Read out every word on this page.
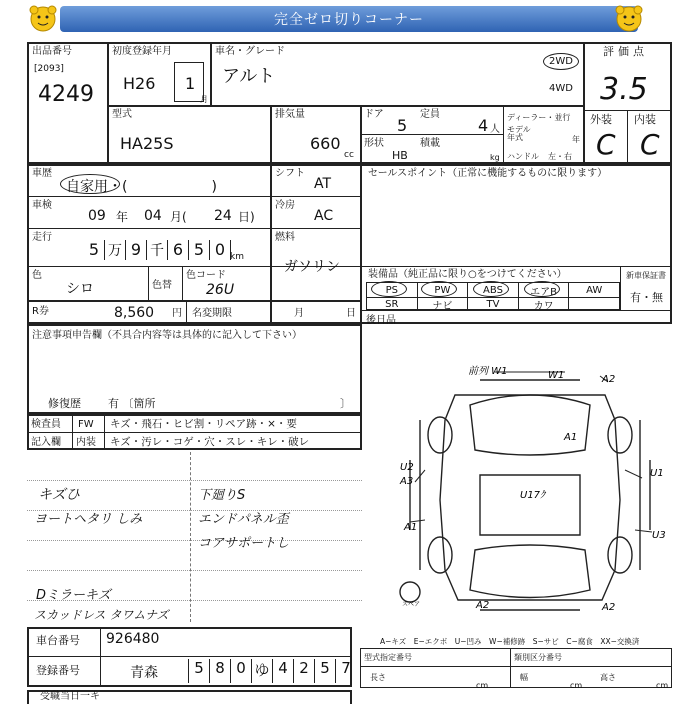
完全ゼロ切りコーナー
出品番号
[2093]
4249
初度登録年月
H26 1
月
車名・グレード
アルト
2WD
4WD
評価点
3.5
外装 内装
C C
型式
HA25S
排気量
660
cc
ドア
5
定員
4 人
形状
HB
積載
kg
ディーラー・並行
モデル年式	年
ハンドル 左・右
車歴
自家用・(　　　　　　)
シフト
AT
セールスポイント（正常に機能するものに限ります）
車検
09 年 04 月( 24 日)
冷房
AC
走行
5 万 9 千 6 5 0 km
燃料
ガソリン
色
シロ	色替
色コード
26U
装備品（純正品に限り○をつけてください）
PS	PW	ABS	エアB	AW
SR	ナビ	TV	カワ
新車保証書
有・無
R券	8,560 円 名変期限	月	日
後日品
注意事項申告欄（不具合内容等は具体的に記入して下さい）
修復歴 有 〔箇所	〕
検査員
記入欄
FW キズ・飛石・ヒビ割・リペア跡・×・要
内装 キズ・汚レ・コゲ・穴・スレ・キレ・破レ
キズひ
ヨートヘタリ しみ
Dミラーキズ
スカッドレス タワムナズ
下廻りS
エンドパネル歪
コアサポートし
前列 W1	W1	A2
A1
U2
A3
U1
U17ｸ
A1
U3
A2	A2
スペア
車台番号 926480
登録番号	青森	5 8 0 ゆ 4 2 5 7
A−キズ　E−エクボ　U−凹み　W−補修跡　S−サビ　C−腐食　XX−交換済
型式指定番号	類別区分番号
長さ
cm
幅
cm
高さ
cm
受職当日一キ
